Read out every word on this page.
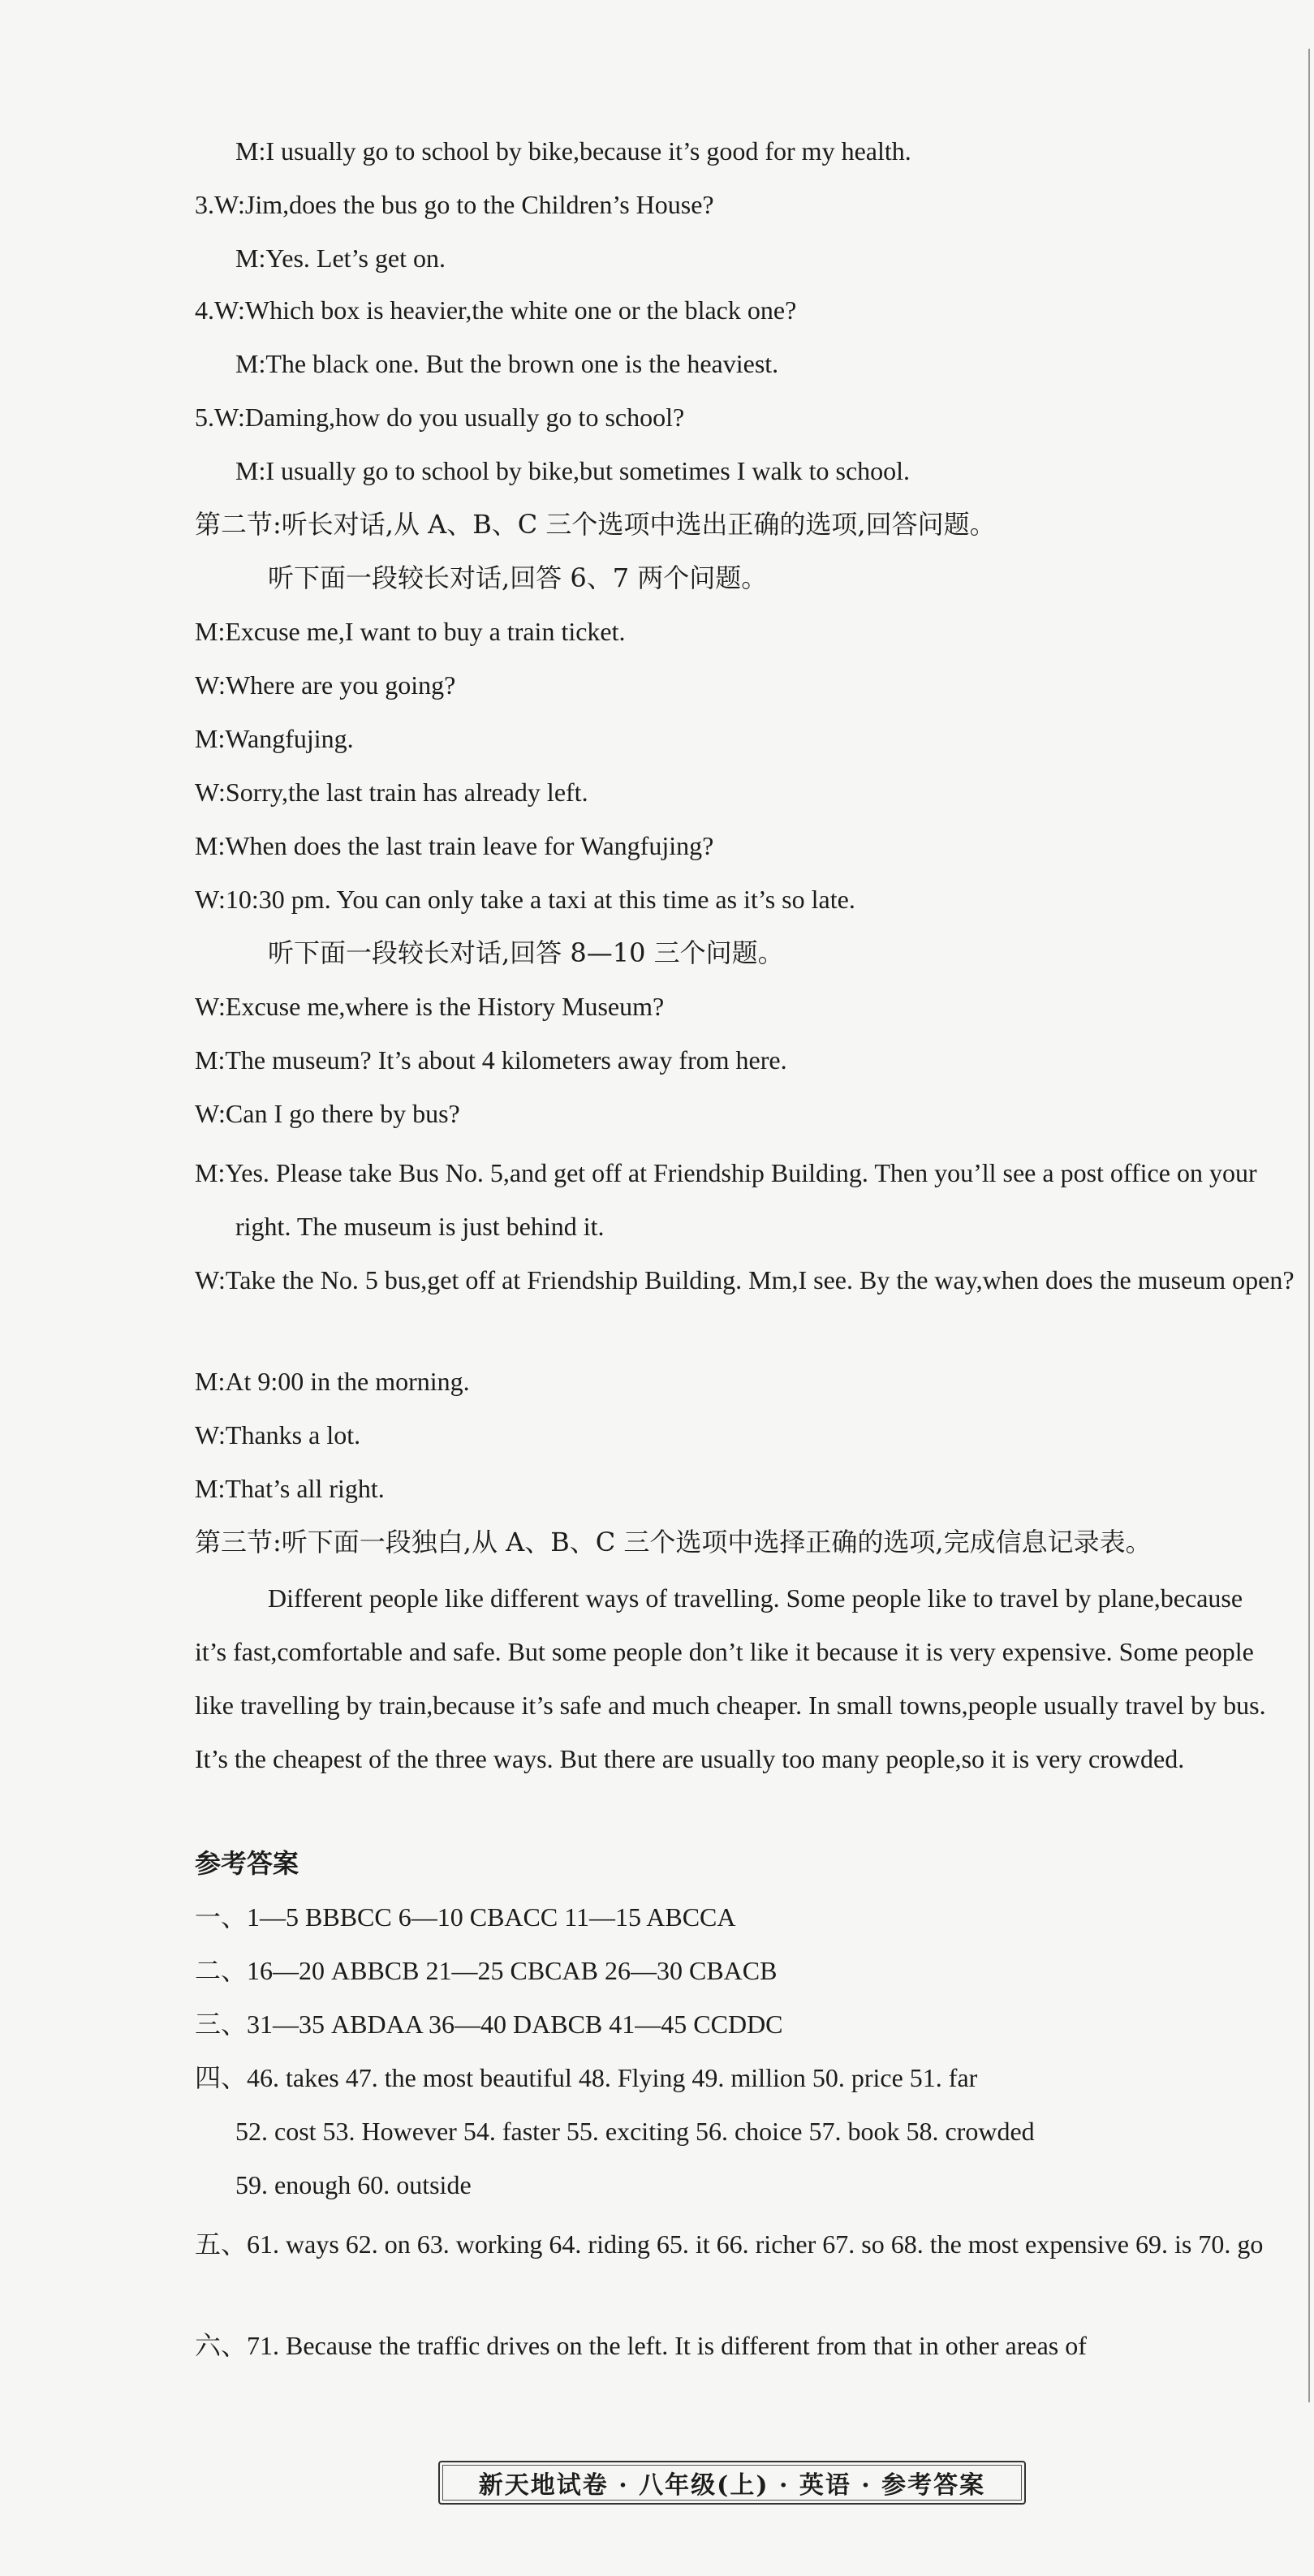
M:I usually go to school by bike,because it’s good for my health.
3.W:Jim,does the bus go to the Children’s House?
M:Yes. Let’s get on.
4.W:Which box is heavier,the white one or the black one?
M:The black one. But the brown one is the heaviest.
5.W:Daming,how do you usually go to school?
M:I usually go to school by bike,but sometimes I walk to school.
第二节:听长对话,从 A、B、C 三个选项中选出正确的选项,回答问题。
听下面一段较长对话,回答 6、7 两个问题。
M:Excuse me,I want to buy a train ticket.
W:Where are you going?
M:Wangfujing.
W:Sorry,the last train has already left.
M:When does the last train leave for Wangfujing?
W:10:30 pm. You can only take a taxi at this time as it’s so late.
听下面一段较长对话,回答 8—10 三个问题。
W:Excuse me,where is the History Museum?
M:The museum? It’s about 4 kilometers away from here.
W:Can I go there by bus?
M:Yes. Please take Bus No. 5,and get off at Friendship Building. Then you’ll see a post office on your right. The museum is just behind it.
W:Take the No. 5 bus,get off at Friendship Building. Mm,I see. By the way,when does the museum open?
M:At 9:00 in the morning.
W:Thanks a lot.
M:That’s all right.
第三节:听下面一段独白,从 A、B、C 三个选项中选择正确的选项,完成信息记录表。
Different people like different ways of travelling. Some people like to travel by plane,because it’s fast,comfortable and safe. But some people don’t like it because it is very expensive. Some people like travelling by train,because it’s safe and much cheaper. In small towns,people usually travel by bus. It’s the cheapest of the three ways. But there are usually too many people,so it is very crowded.
参考答案
一、1—5 BBBCC 6—10 CBACC 11—15 ABCCA
二、16—20 ABBCB 21—25 CBCAB 26—30 CBACB
三、31—35 ABDAA 36—40 DABCB 41—45 CCDDC
四、46. takes 47. the most beautiful 48. Flying 49. million 50. price 51. far
52. cost 53. However 54. faster 55. exciting 56. choice 57. book 58. crowded
59. enough 60. outside
五、61. ways 62. on 63. working 64. riding 65. it 66. richer 67. so 68. the most expensive 69. is 70. go
六、71. Because the traffic drives on the left. It is different from that in other areas of
新天地试卷 · 八年级(上) · 英语 · 参考答案
